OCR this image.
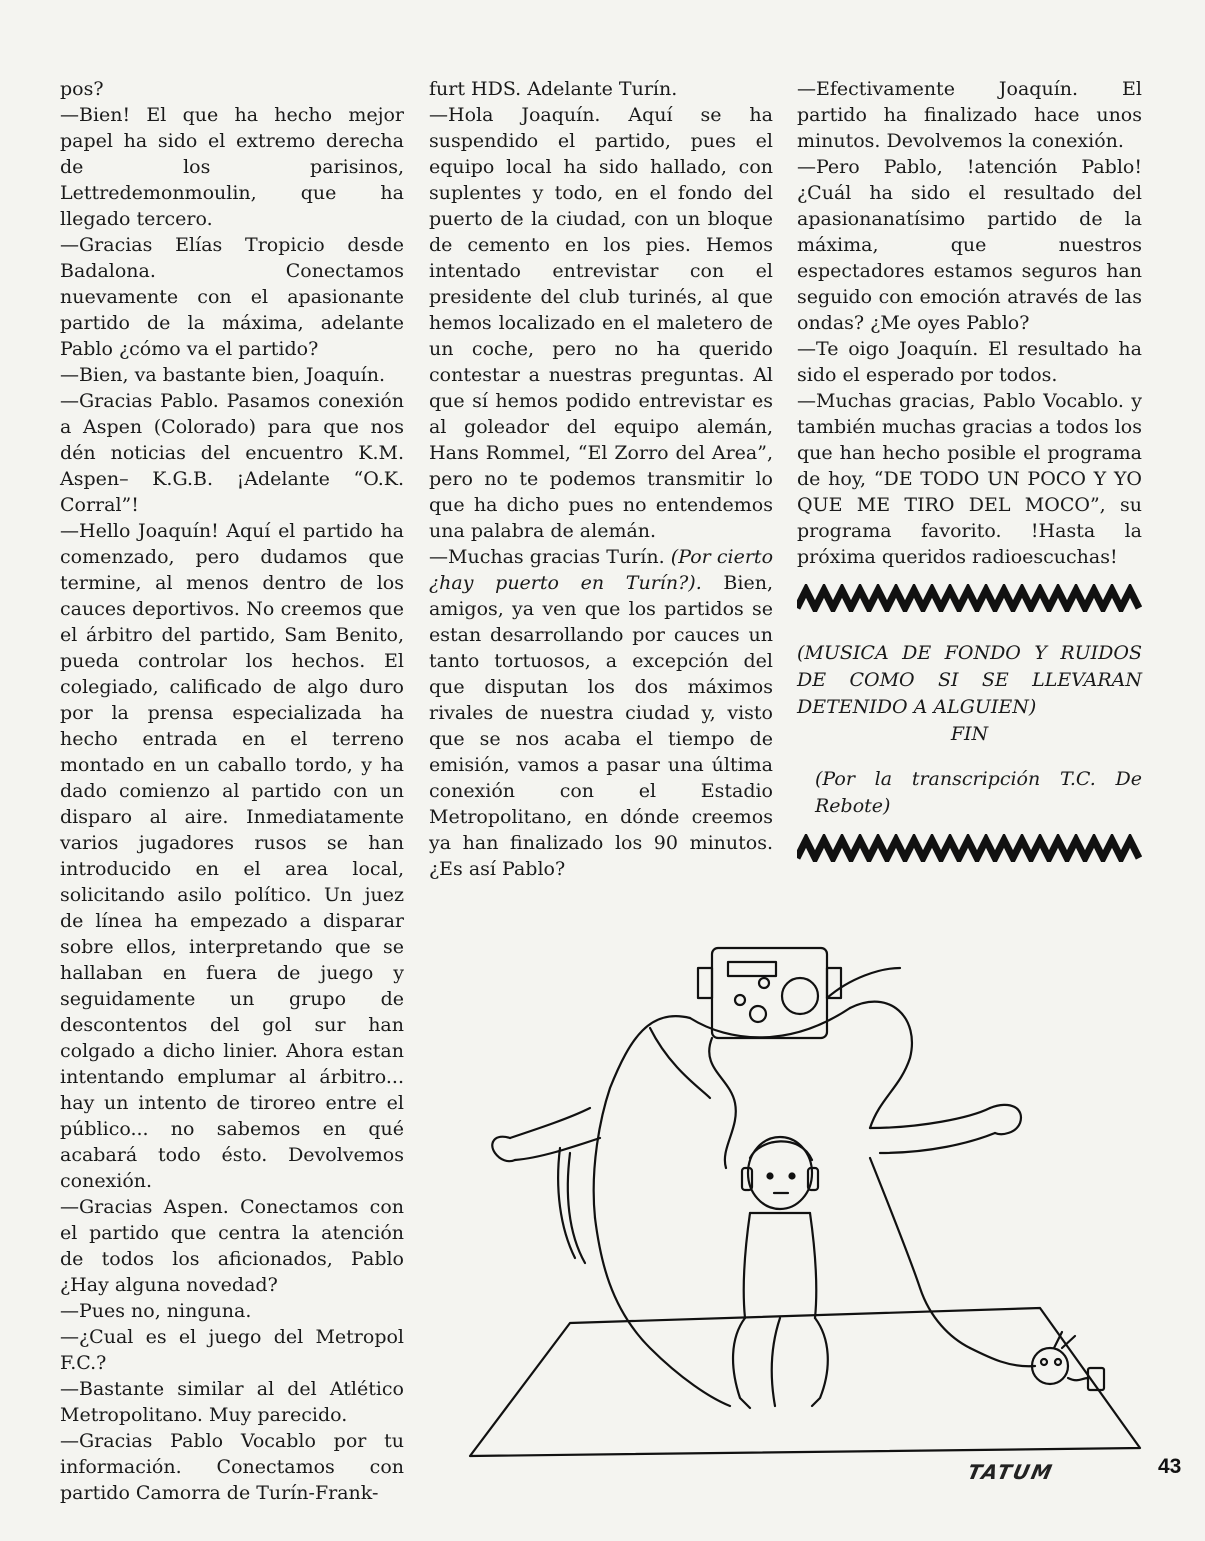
pos?

—Bien! El que ha hecho mejor papel ha sido el extremo derecha de los parisinos, Lettredemonmoulin, que ha llegado tercero.

—Gracias Elías Tropicio desde Badalona. Conectamos nuevamente con el apasionante partido de la máxima, adelante Pablo ¿cómo va el partido?

—Bien, va bastante bien, Joaquín.

—Gracias Pablo. Pasamos conexión a Aspen (Colorado) para que nos dén noticias del encuentro K.M. Aspen– K.G.B. ¡Adelante “O.K. Corral”!

—Hello Joaquín! Aquí el partido ha comenzado, pero dudamos que termine, al menos dentro de los cauces deportivos. No creemos que el árbitro del partido, Sam Benito, pueda controlar los hechos. El colegiado, calificado de algo duro por la prensa especializada ha hecho entrada en el terreno montado en un caballo tordo, y ha dado comienzo al partido con un disparo al aire. Inmediatamente varios jugadores rusos se han introducido en el area local, solicitando asilo político. Un juez de línea ha empezado a disparar sobre ellos, interpretando que se hallaban en fuera de juego y seguidamente un grupo de descontentos del gol sur han colgado a dicho linier. Ahora estan intentando emplumar al árbitro... hay un intento de tiroreo entre el público... no sabemos en qué acabará todo ésto. Devolvemos conexión.

—Gracias Aspen. Conectamos con el partido que centra la atención de todos los aficionados, Pablo ¿Hay alguna novedad?

—Pues no, ninguna.

—¿Cual es el juego del Metropol F.C.?

—Bastante similar al del Atlético Metropolitano. Muy parecido.

—Gracias Pablo Vocablo por tu información. Conectamos con partido Camorra de Turín-Frank-

furt HDS. Adelante Turín.

—Hola Joaquín. Aquí se ha suspendido el partido, pues el equipo local ha sido hallado, con suplentes y todo, en el fondo del puerto de la ciudad, con un bloque de cemento en los pies. Hemos intentado entrevistar con el presidente del club turinés, al que hemos localizado en el maletero de un coche, pero no ha querido contestar a nuestras preguntas. Al que sí hemos podido entrevistar es al goleador del equipo alemán, Hans Rommel, “El Zorro del Area”, pero no te podemos transmitir lo que ha dicho pues no entendemos una palabra de alemán.

—Muchas gracias Turín. (Por cierto ¿hay puerto en Turín?). Bien, amigos, ya ven que los partidos se estan desarrollando por cauces un tanto tortuosos, a excepción del que disputan los dos máximos rivales de nuestra ciudad y, visto que se nos acaba el tiempo de emisión, vamos a pasar una última conexión con el Estadio Metropolitano, en dónde creemos ya han finalizado los 90 minutos. ¿Es así Pablo?

—Efectivamente Joaquín. El partido ha finalizado hace unos minutos. Devolvemos la conexión.

—Pero Pablo, !atención Pablo! ¿Cuál ha sido el resultado del apasionanatísimo partido de la máxima, que nuestros espectadores estamos seguros han seguido con emoción através de las ondas? ¿Me oyes Pablo?

—Te oigo Joaquín. El resultado ha sido el esperado por todos.

—Muchas gracias, Pablo Vocablo. y también muchas gracias a todos los que han hecho posible el programa de hoy, “DE TODO UN POCO Y YO QUE ME TIRO DEL MOCO”, su programa favorito. !Hasta la próxima queridos radioescuchas!

(MUSICA DE FONDO Y RUIDOS DE COMO SI SE LLEVARAN DETENIDO A ALGUIEN)

FIN

(Por la transcripción T.C. De Rebote)

TATUM	43
